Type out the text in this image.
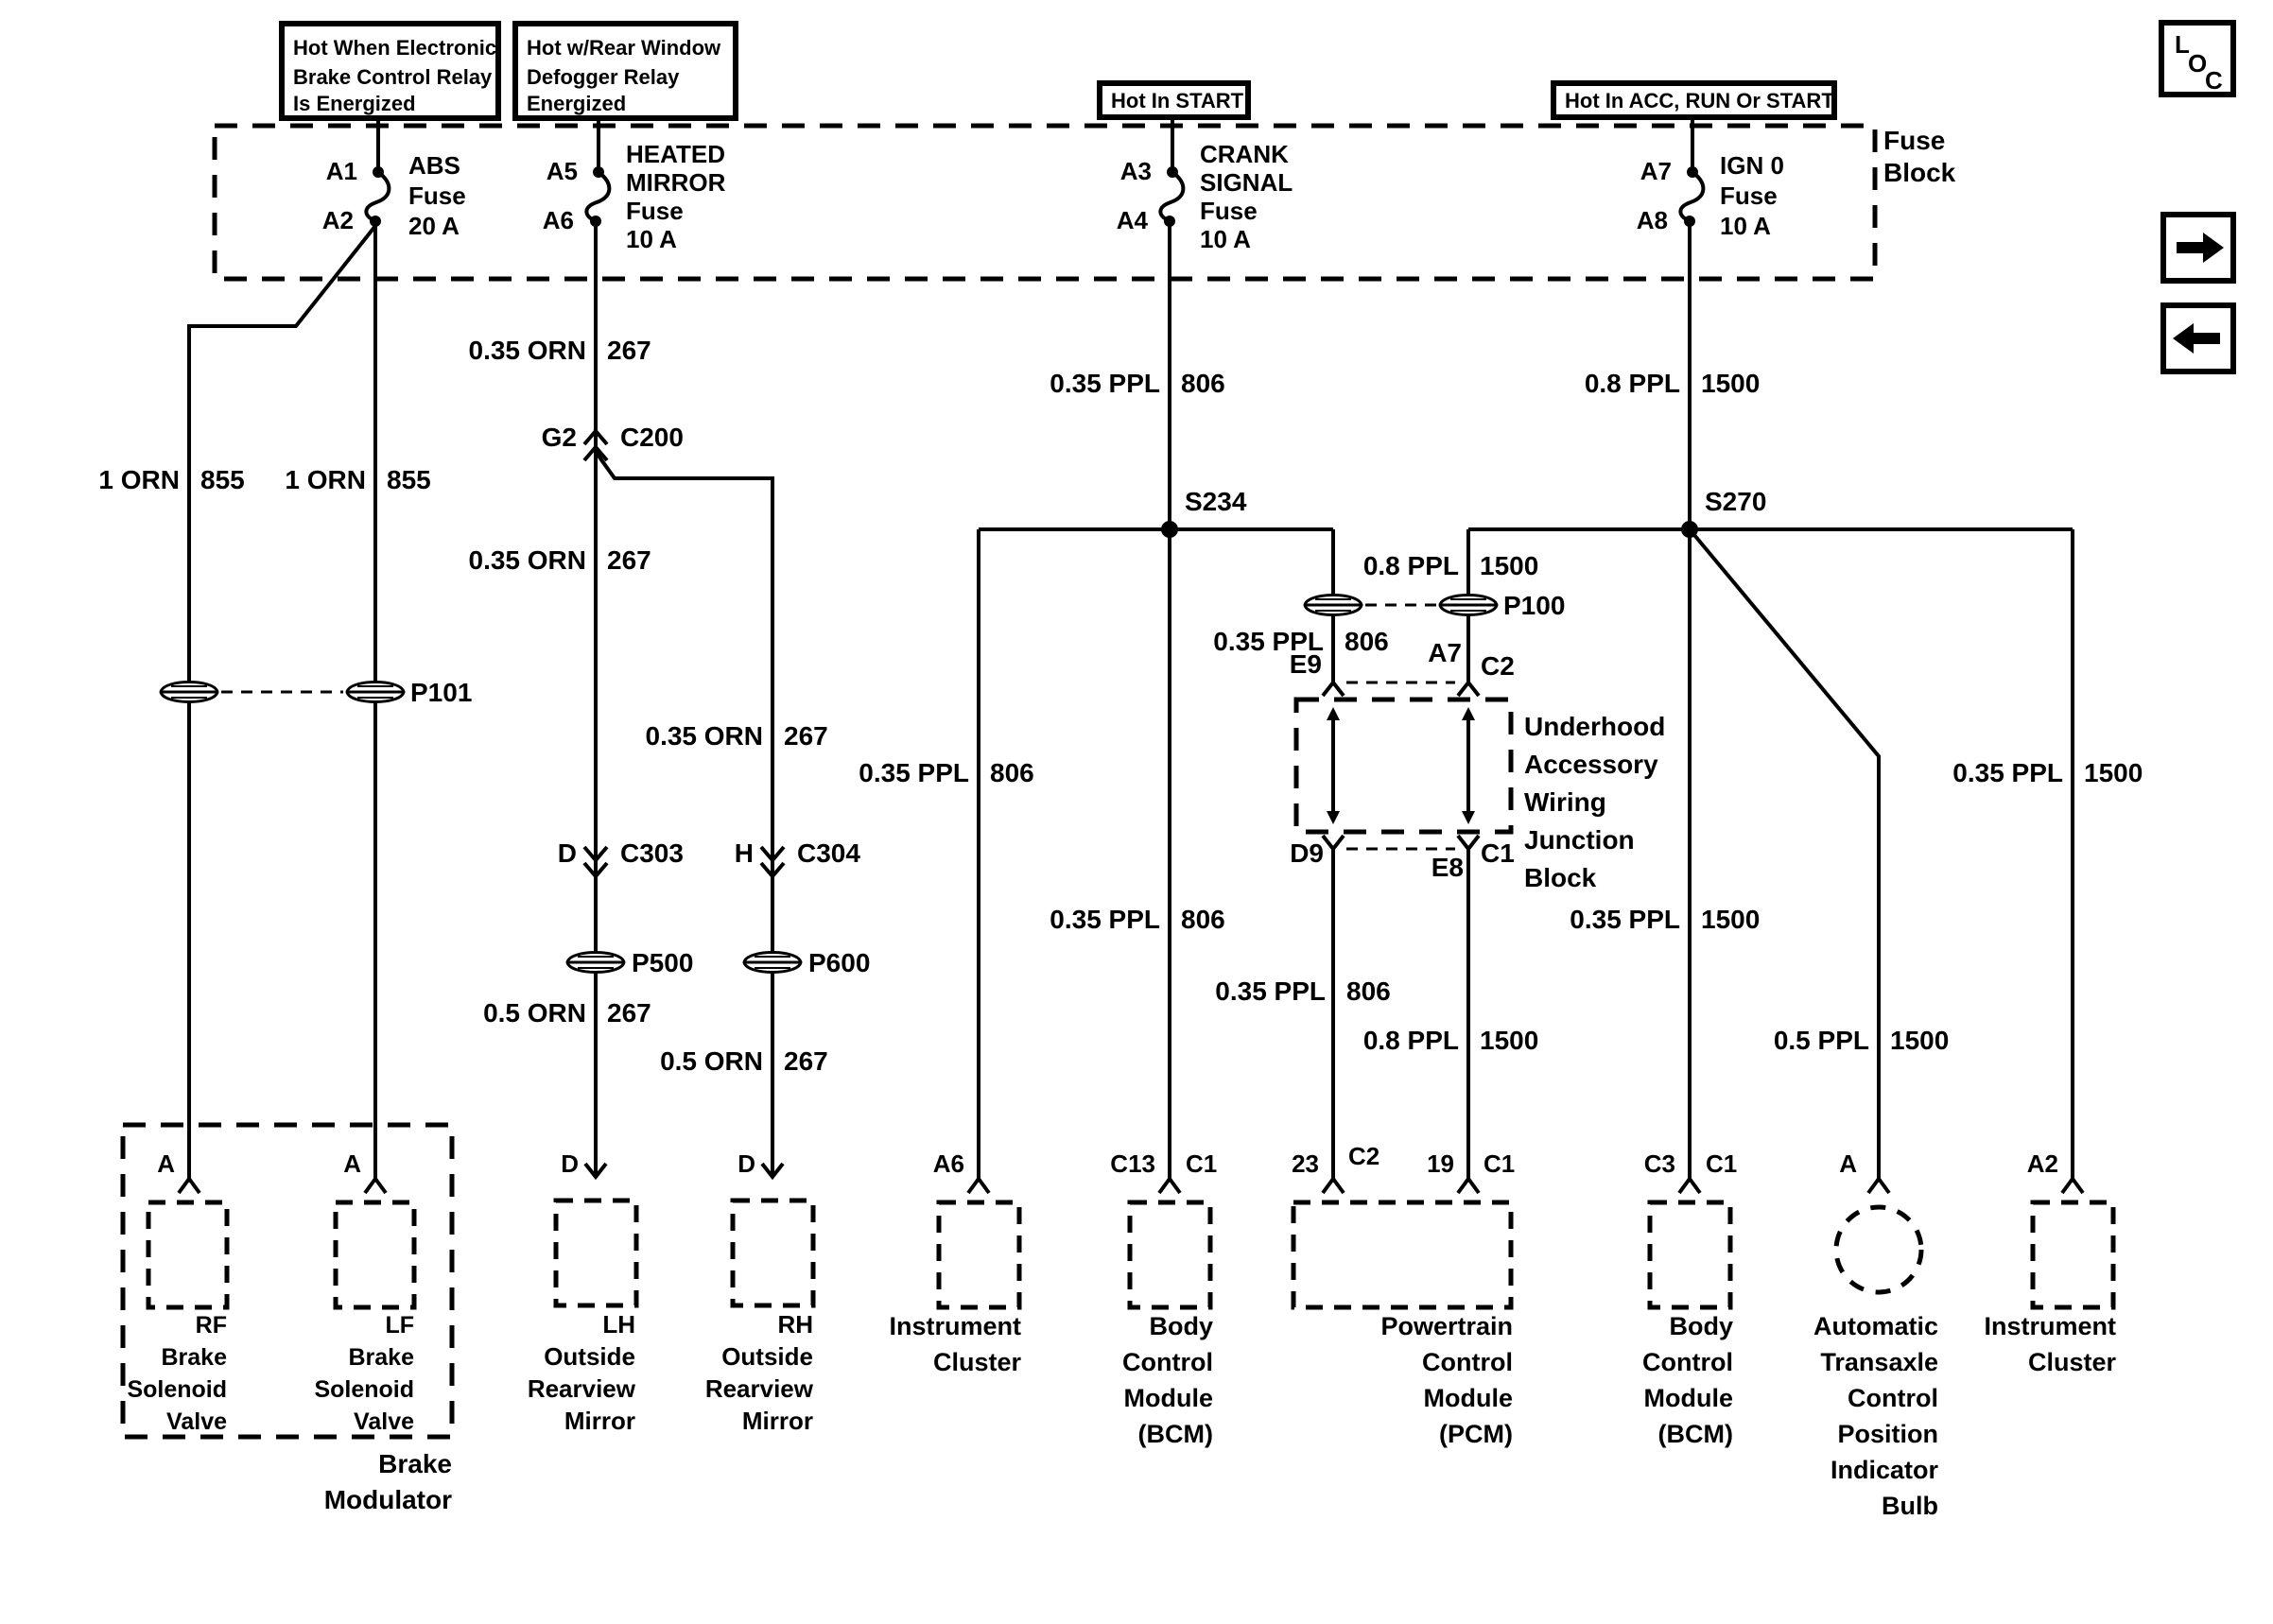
Hot When Electronic
Brake Control Relay
Is Energized
Hot w/Rear Window
Defogger Relay
Energized	Hot In START	Hot In ACC, RUN Or START
L
O
C
Fuse
Block
A1
A2
ABS
Fuse
20 A
A5
A6
HEATED
MIRROR
Fuse
10 A
A3
A4
CRANK
SIGNAL
Fuse
10 A
A7
A8
IGN 0
Fuse
10 A
1 ORN 855 1 ORN 855
P101
0.35 ORN 267
G2 C200
0.35 ORN 267
0.35 ORN 267
D C303 H C304
P500	P600
0.5 ORN 267
0.5 ORN 267
S234
0.35 PPL 806
0.35 PPL 806
0.35 PPL 806
0.35 PPL 806
0.35 PPL 806
S270
0.8 PPL 1500
0.8 PPL 1500
P100
0.8 PPL 1500
0.35 PPL 1500
0.35 PPL 1500
0.5 PPL 1500
E9	A7 C2
D9	E8 C1
Underhood
Accessory
Wiring
Junction
Block
A
RF
Brake
Solenoid
Valve
A
LF
Brake
Solenoid
Valve
Brake
Modulator
D
LH
Outside
Rearview
Mirror
D
RH
Outside
Rearview
Mirror
A6
Instrument
Cluster
C13 C1
Body
Control
Module
(BCM)
23 C2 19 C1
Powertrain
Control
Module
(PCM)
C3 C1
Body
Control
Module
(BCM)
A
Automatic
Transaxle
Control
Position
Indicator
Bulb
A2
Instrument
Cluster
